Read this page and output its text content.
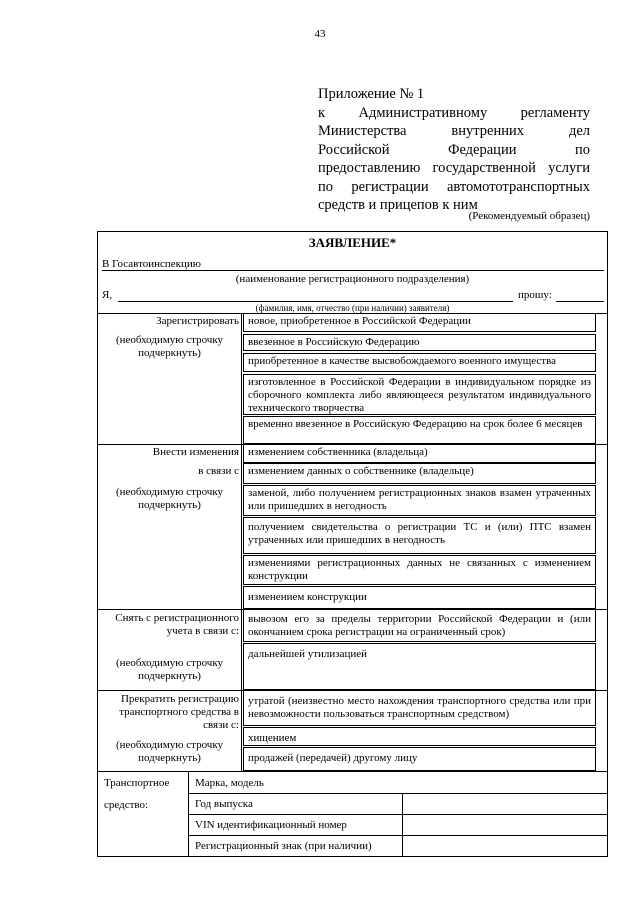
43
Приложение № 1
к Административному регламенту
Министерства внутренних дел
Российской Федерации по
предоставлению государственной услуги
по регистрации автомототранспортных
средств и прицепов к ним
(Рекомендуемый образец)
ЗАЯВЛЕНИЕ*
В Госавтоинспекцию
(наименование регистрационного подразделения)
Я,	прошу:
(фамилия, имя, отчество (при наличии) заявителя)
Зарегистрировать
(необходимую строчку подчеркнуть)
новое, приобретенное в Российской Федерации
ввезенное в Российскую Федерацию
приобретенное в качестве высвобождаемого военного имущества
изготовленное в Российской Федерации в индивидуальном порядке из сборочного комплекта либо являющееся результатом индивидуального технического творчества
временно ввезенное в Российскую Федерацию на срок более 6 месяцев
Внести изменения
в связи с
(необходимую строчку подчеркнуть)
изменением собственника (владельца)
изменением данных о собственнике (владельце)
заменой, либо получением регистрационных знаков взамен утраченных или пришедших в негодность
получением свидетельства о регистрации ТС и (или) ПТС взамен утраченных или пришедших в негодность
изменениями регистрационных данных не связанных с изменением конструкции
изменением конструкции
Снять с регистрационного учета в связи с:
(необходимую строчку подчеркнуть)
вывозом его за пределы территории Российской Федерации и (или окончанием срока регистрации на ограниченный срок)
дальнейшей утилизацией
Прекратить регистрацию транспортного средства в связи с:
(необходимую строчку подчеркнуть)
утратой (неизвестно место нахождения транспортного средства или при невозможности пользоваться транспортным средством)
хищением
продажей (передачей) другому лицу
Транспортное
средство:
Марка, модель
Год выпуска
VIN идентификационный номер
Регистрационный знак (при наличии)
